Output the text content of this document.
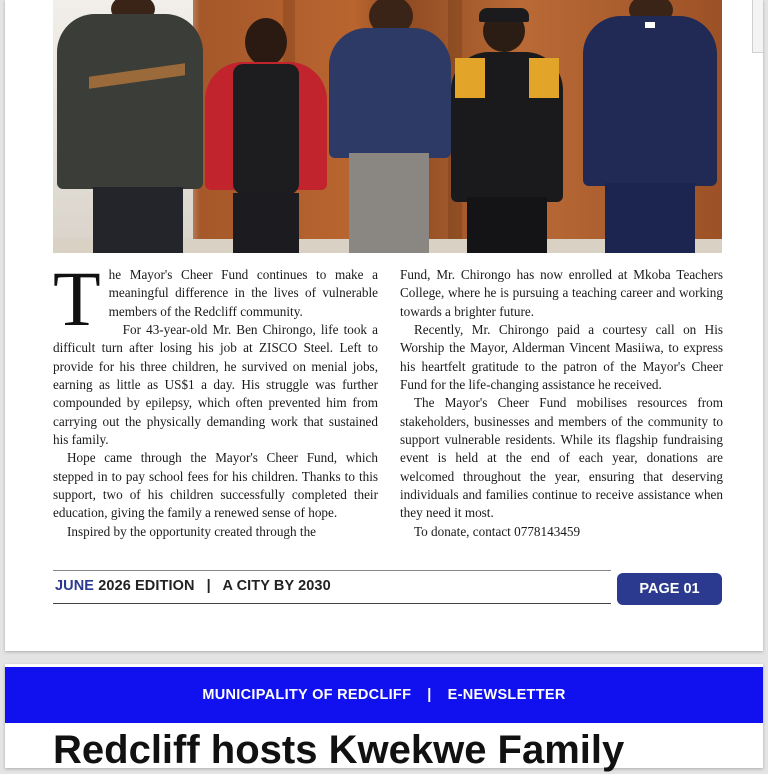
T he Mayor's Cheer Fund continues to make a meaningful difference in the lives of vulnerable members of the Redcliff community.

For 43-year-old Mr. Ben Chirongo, life took a difficult turn after losing his job at ZISCO Steel. Left to provide for his three children, he survived on menial jobs, earning as little as US$1 a day. His struggle was further compounded by epilepsy, which often prevented him from carrying out the physically demanding work that sustained his family.

Hope came through the Mayor's Cheer Fund, which stepped in to pay school fees for his children. Thanks to this support, two of his children successfully completed their education, giving the family a renewed sense of hope.

Inspired by the opportunity created through the

Fund, Mr. Chirongo has now enrolled at Mkoba Teachers College, where he is pursuing a teaching career and working towards a brighter future.

Recently, Mr. Chirongo paid a courtesy call on His Worship the Mayor, Alderman Vincent Masiiwa, to express his heartfelt gratitude to the patron of the Mayor's Cheer Fund for the life-changing assistance he received.

The Mayor's Cheer Fund mobilises resources from stakeholders, businesses and members of the community to support vulnerable residents. While its flagship fundraising event is held at the end of each year, donations are welcomed throughout the year, ensuring that deserving individuals and families continue to receive assistance when they need it most.

To donate, contact 0778143459

JUNE 2026 EDITION | A CITY BY 2030	PAGE 01
MUNICIPALITY OF REDCLIFF | E-NEWSLETTER
Redcliff hosts Kwekwe Family
